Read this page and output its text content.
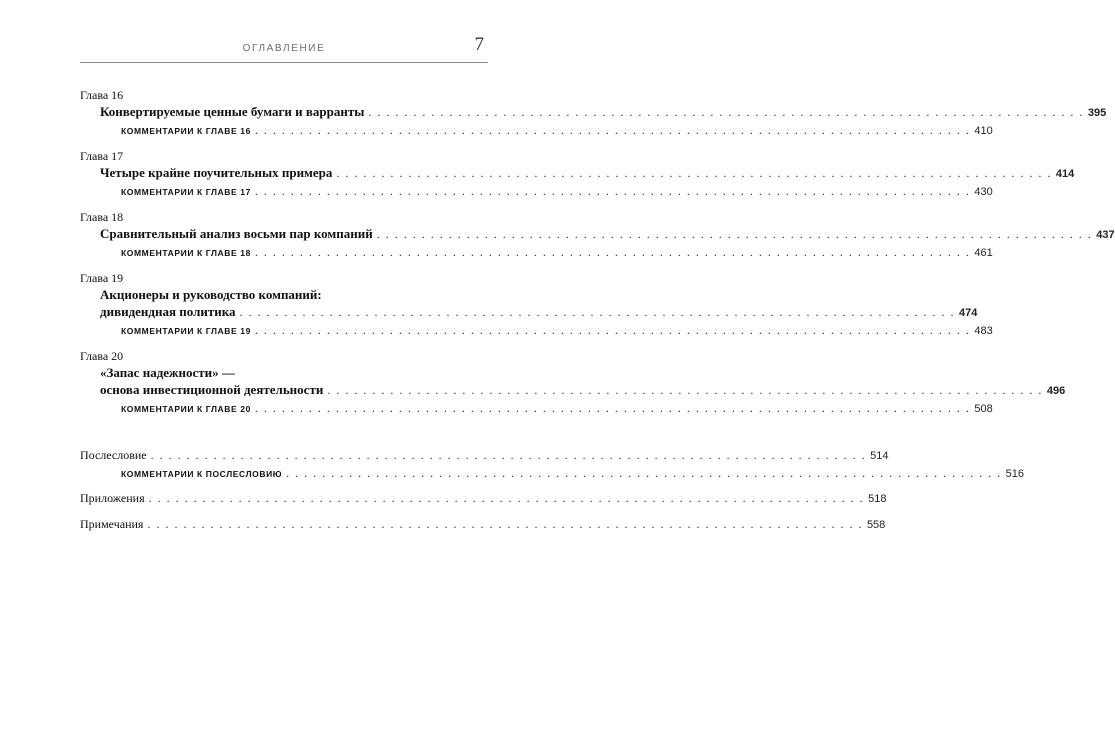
ОГЛАВЛЕНИЕ	7
Глава 16
Конвертируемые ценные бумаги и варранты . . . . . . . . . . . . . . . . . . . . . . . . . . . . . . . . . . . . . . . . . . . . . . . . . . . . . . . . . . . . . . . . . . . . . . . . . . . . . . . . 395
КОММЕНТАРИИ К ГЛАВЕ 16 . . . . . . . . . . . . . . . . . . . . . . . . . . . . . . . . . . . . . . . . . . . . . . . . . . . . . . . . . . . . . . . . . . . . . . . . . . . . . . . . 410
Глава 17
Четыре крайне поучительных примера . . . . . . . . . . . . . . . . . . . . . . . . . . . . . . . . . . . . . . . . . . . . . . . . . . . . . . . . . . . . . . . . . . . . . . . . . . . . . . . . 414
КОММЕНТАРИИ К ГЛАВЕ 17 . . . . . . . . . . . . . . . . . . . . . . . . . . . . . . . . . . . . . . . . . . . . . . . . . . . . . . . . . . . . . . . . . . . . . . . . . . . . . . . . 430
Глава 18
Сравнительный анализ восьми пар компаний . . . . . . . . . . . . . . . . . . . . . . . . . . . . . . . . . . . . . . . . . . . . . . . . . . . . . . . . . . . . . . . . . . . . . . . . . . . . . . . . 437
КОММЕНТАРИИ К ГЛАВЕ 18 . . . . . . . . . . . . . . . . . . . . . . . . . . . . . . . . . . . . . . . . . . . . . . . . . . . . . . . . . . . . . . . . . . . . . . . . . . . . . . . . 461
Глава 19
Акционеры и руководство компаний:
дивидендная политика . . . . . . . . . . . . . . . . . . . . . . . . . . . . . . . . . . . . . . . . . . . . . . . . . . . . . . . . . . . . . . . . . . . . . . . . . . . . . . . . 474
КОММЕНТАРИИ К ГЛАВЕ 19 . . . . . . . . . . . . . . . . . . . . . . . . . . . . . . . . . . . . . . . . . . . . . . . . . . . . . . . . . . . . . . . . . . . . . . . . . . . . . . . . 483
Глава 20
«Запас надежности» —
основа инвестиционной деятельности . . . . . . . . . . . . . . . . . . . . . . . . . . . . . . . . . . . . . . . . . . . . . . . . . . . . . . . . . . . . . . . . . . . . . . . . . . . . . . . . 496
КОММЕНТАРИИ К ГЛАВЕ 20 . . . . . . . . . . . . . . . . . . . . . . . . . . . . . . . . . . . . . . . . . . . . . . . . . . . . . . . . . . . . . . . . . . . . . . . . . . . . . . . . 508
Послесловие . . . . . . . . . . . . . . . . . . . . . . . . . . . . . . . . . . . . . . . . . . . . . . . . . . . . . . . . . . . . . . . . . . . . . . . . . . . . . . . . 514
КОММЕНТАРИИ К ПОСЛЕСЛОВИЮ . . . . . . . . . . . . . . . . . . . . . . . . . . . . . . . . . . . . . . . . . . . . . . . . . . . . . . . . . . . . . . . . . . . . . . . . . . . . . . . . 516
Приложения . . . . . . . . . . . . . . . . . . . . . . . . . . . . . . . . . . . . . . . . . . . . . . . . . . . . . . . . . . . . . . . . . . . . . . . . . . . . . . . . 518
Примечания . . . . . . . . . . . . . . . . . . . . . . . . . . . . . . . . . . . . . . . . . . . . . . . . . . . . . . . . . . . . . . . . . . . . . . . . . . . . . . . . 558
